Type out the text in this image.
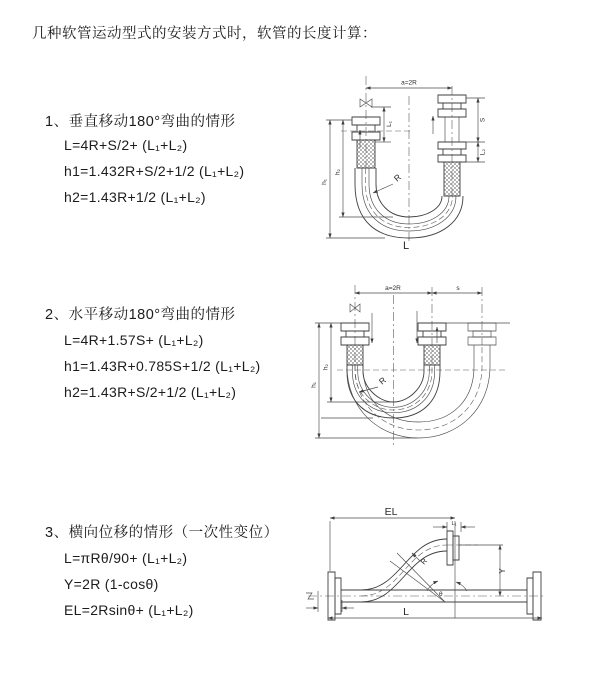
几种软管运动型式的安装方式时，软管的长度计算：
1、垂直移动180°弯曲的情形
L=4R+S/2+ (L₁+L₂)
h1=1.432R+S/2+1/2 (L₁+L₂)
h2=1.43R+1/2 (L₁+L₂)
a=2R
h₁
h₂
L₁
S
L₂
R
L
2、水平移动180°弯曲的情形
L=4R+1.57S+ (L₁+L₂)
h1=1.43R+0.785S+1/2 (L₁+L₂)
h2=1.43R+S/2+1/2 (L₁+L₂)
a=2R	s
h₁
h₂
R
3、横向位移的情形（一次性变位）
L=πRθ/90+ (L₁+L₂)
Y=2R (1-cosθ)
EL=2Rsinθ+ (L₁+L₂)
EL
L₁
Y
θ
R
L
